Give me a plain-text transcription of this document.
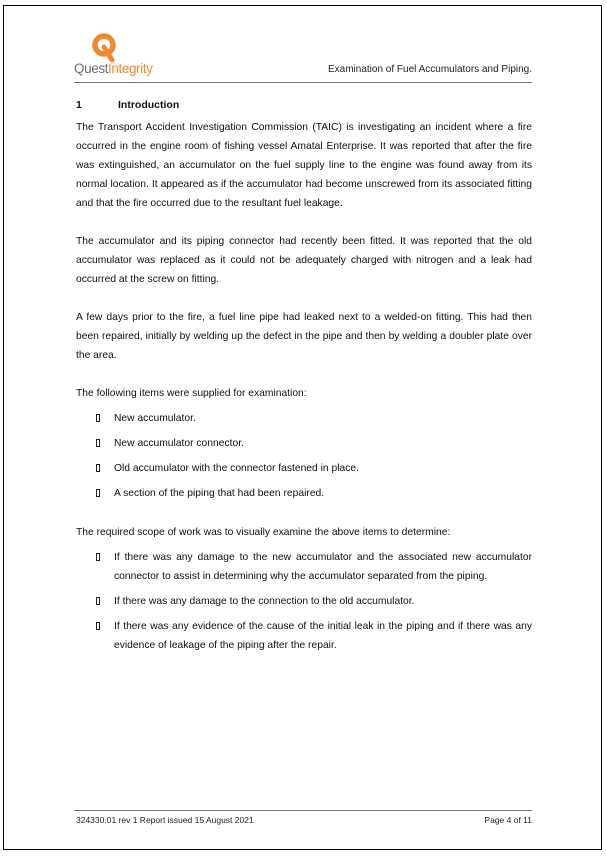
QuestIntegrity	Examination of Fuel Accumulators and Piping.
1	Introduction

The Transport Accident Investigation Commission (TAIC) is investigating an incident where a fire occurred in the engine room of fishing vessel Amatal Enterprise. It was reported that after the fire was extinguished, an accumulator on the fuel supply line to the engine was found away from its normal location. It appeared as if the accumulator had become unscrewed from its associated fitting and that the fire occurred due to the resultant fuel leakage.

The accumulator and its piping connector had recently been fitted. It was reported that the old accumulator was replaced as it could not be adequately charged with nitrogen and a leak had occurred at the screw on fitting.

A few days prior to the fire, a fuel line pipe had leaked next to a welded-on fitting. This had then been repaired, initially by welding up the defect in the pipe and then by welding a doubler plate over the area.

The following items were supplied for examination:

New accumulator.
New accumulator connector.
Old accumulator with the connector fastened in place.
A section of the piping that had been repaired.

The required scope of work was to visually examine the above items to determine:

If there was any damage to the new accumulator and the associated new accumulator connector to assist in determining why the accumulator separated from the piping.
If there was any damage to the connection to the old accumulator.
If there was any evidence of the cause of the initial leak in the piping and if there was any evidence of leakage of the piping after the repair.
324330.01 rev 1 Report issued 15 August 2021	Page 4 of 11
